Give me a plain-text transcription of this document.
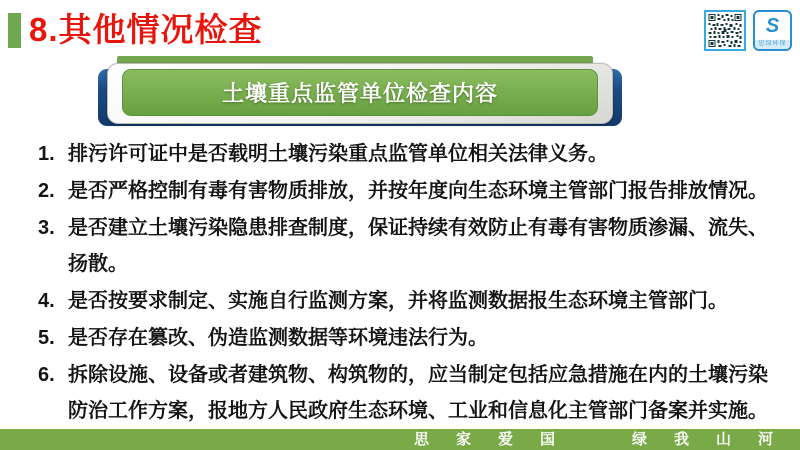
8.其他情况检查	S
思绿环保
土壤重点监管单位检查内容
1. 排污许可证中是否载明土壤污染重点监管单位相关法律义务。
2. 是否严格控制有毒有害物质排放，并按年度向生态环境主管部门报告排放情况。
3. 是否建立土壤污染隐患排查制度，保证持续有效防止有毒有害物质渗漏、流失、扬散。
4. 是否按要求制定、实施自行监测方案，并将监测数据报生态环境主管部门。
5. 是否存在篡改、伪造监测数据等环境违法行为。
6. 拆除设施、设备或者建筑物、构筑物的，应当制定包括应急措施在内的土壤污染防治工作方案，报地方人民政府生态环境、工业和信息化主管部门备案并实施。
思家爱国	绿我山河
